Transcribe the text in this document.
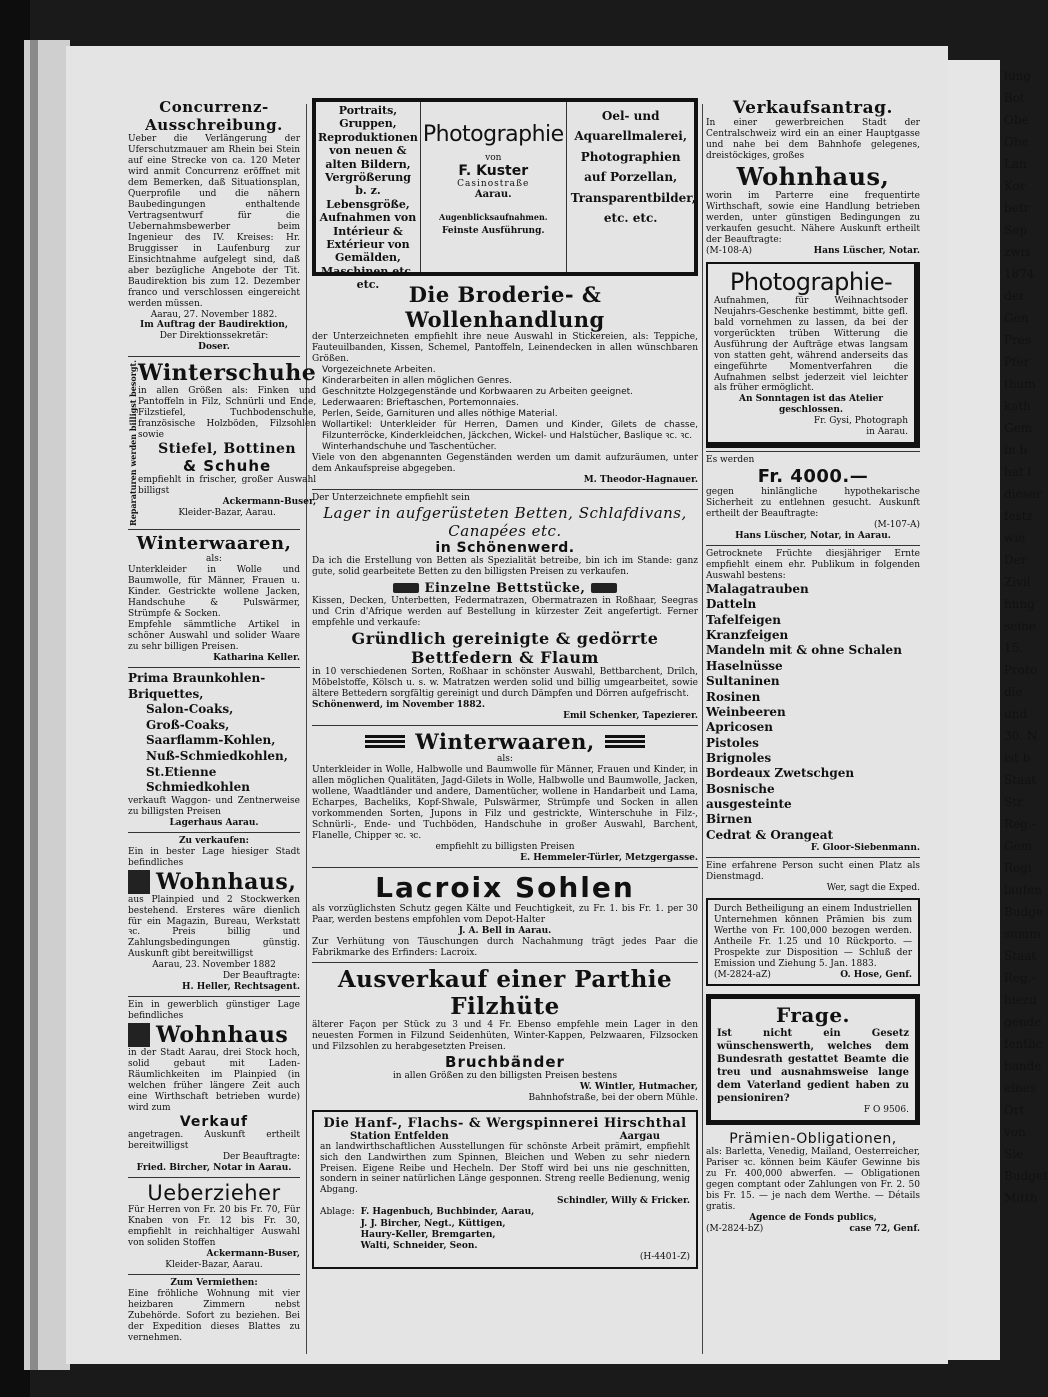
Concurrenz-Ausschreibung.
Ueber die Verlängerung der Uferschutzmauer am Rhein bei Stein auf eine Strecke von ca. 120 Meter wird anmit Concurrenz eröffnet mit dem Bemerken, daß Situationsplan, Querprofile und die nähern Baubedingungen enthaltende Vertragsentwurf für die Uebernahmsbewerber beim Ingenieur des IV. Kreises: Hr. Bruggisser in Laufenburg zur Einsichtnahme aufgelegt sind, daß aber bezügliche Angebote der Tit. Baudirektion bis zum 12. Dezember franco und verschlossen eingereicht werden müssen.
Aarau, 27. November 1882.
Im Auftrag der Baudirektion,
Der Direktionssekretär:
Doser.
Reparaturen werden billigst besorgt. Winterschuhe
in allen Größen als: Finken und Pantoffeln in Filz, Schnürli und Ende, Filzstiefel, Tuchbodenschuhe, französische Holzböden, Filzsohlen sowie
Stiefel, Bottinen
& Schuhe
empfiehlt in frischer, großer Auswahl billigst
Ackermann-Buser,
Kleider-Bazar, Aarau.
Winterwaaren,
als:
Unterkleider in Wolle und Baumwolle, für Männer, Frauen u. Kinder. Gestrickte wollene Jacken, Handschuhe & Pulswärmer, Strümpfe & Socken.
Empfehle sämmtliche Artikel in schöner Auswahl und solider Waare zu sehr billigen Preisen.
Katharina Keller.
Prima Braunkohlen-Briquettes,
Salon-Coaks,
Groß-Coaks,
Saarflamm-Kohlen,
Nuß-Schmiedkohlen,
St.Etienne Schmiedkohlen
verkauft Waggon- und Zentnerweise zu billigsten Preisen
Lagerhaus Aarau.
Zu verkaufen:
Ein in bester Lage hiesiger Stadt befindliches
Wohnhaus,
aus Plainpied und 2 Stockwerken bestehend. Ersteres wäre dienlich für ein Magazin, Bureau, Werkstatt ꝛc. Preis billig und Zahlungsbedingungen günstig. Auskunft gibt bereitwilligst
Aarau, 23. November 1882
Der Beauftragte:
H. Heller, Rechtsagent.
Ein in gewerblich günstiger Lage befindliches
Wohnhaus
in der Stadt Aarau, drei Stock hoch, solid gebaut mit Laden-Räumlichkeiten im Plainpied (in welchen früher längere Zeit auch eine Wirthschaft betrieben wurde) wird zum
Verkauf
angetragen. Auskunft ertheilt bereitwilligst
Der Beauftragte:
Fried. Bircher, Notar in Aarau.
Ueberzieher
Für Herren von Fr. 20 bis Fr. 70, Für Knaben von Fr. 12 bis Fr. 30, empfiehlt in reichhaltiger Auswahl von soliden Stoffen
Ackermann-Buser,
Kleider-Bazar, Aarau.
Zum Vermiethen:
Eine fröhliche Wohnung mit vier heizbaren Zimmern nebst Zubehörde. Sofort zu beziehen. Bei der Expedition dieses Blattes zu vernehmen.
Portraits, Gruppen, Reproduktionen von neuen & alten Bildern, Vergrößerung b. z. Lebensgröße, Aufnahmen von Intérieur & Extérieur von Gemälden, Maschinen etc. etc.
Photographie
von
F. Kuster
Casinostraße
Aarau.
Augenblicksaufnahmen.
Feinste Ausführung.
Oel- und Aquarellmalerei, Photographien auf Porzellan, Transparentbilder, etc. etc.
Die Broderie- & Wollenhandlung
der Unterzeichneten empfiehlt ihre neue Auswahl in Stickereien, als: Teppiche, Fauteuilbanden, Kissen, Schemel, Pantoffeln, Leinendecken in allen wünschbaren Größen.
Vorgezeichnete Arbeiten.
Kinderarbeiten in allen möglichen Genres.
Geschnitzte Holzgegenstände und Korbwaaren zu Arbeiten geeignet.
Lederwaaren: Brieftaschen, Portemonnaies.
Perlen, Seide, Garnituren und alles nöthige Material.
Wollartikel: Unterkleider für Herren, Damen und Kinder, Gilets de chasse, Filzunterröcke, Kinderkleidchen, Jäckchen, Wickel- und Halstücher, Baslique ꝛc. ꝛc.
Winterhandschuhe und Taschentücher.
Viele von den abgenannten Gegenständen werden um damit aufzuräumen, unter dem Ankaufspreise abgegeben.
M. Theodor-Hagnauer.
Der Unterzeichnete empfiehlt sein
Lager in aufgerüsteten Betten, Schlafdivans, Canapées etc.
in Schönenwerd.
Da ich die Erstellung von Betten als Spezialität betreibe, bin ich im Stande: ganz gute, solid gearbeitete Betten zu den billigsten Preisen zu verkaufen.
Einzelne Bettstücke,
Kissen, Decken, Unterbetten, Federmatrazen, Obermatrazen in Roßhaar, Seegras und Crin d'Afrique werden auf Bestellung in kürzester Zeit angefertigt. Ferner empfehle und verkaufe:
Gründlich gereinigte & gedörrte Bettfedern & Flaum
in 10 verschiedenen Sorten, Roßhaar in schönster Auswahl, Bettbarchent, Drilch, Möbelstoffe, Kölsch u. s. w. Matratzen werden solid und billig umgearbeitet, sowie ältere Bettedern sorgfältig gereinigt und durch Dämpfen und Dörren aufgefrischt.
Schönenwerd, im November 1882.
Emil Schenker, Tapezierer.
Winterwaaren,
als:
Unterkleider in Wolle, Halbwolle und Baumwolle für Männer, Frauen und Kinder, in allen möglichen Qualitäten, Jagd-Gilets in Wolle, Halbwolle und Baumwolle, Jacken, wollene, Waadtländer und andere, Damentücher, wollene in Handarbeit und Lama, Echarpes, Bacheliks, Kopf-Shwale, Pulswärmer, Strümpfe und Socken in allen vorkommenden Sorten, Jupons in Filz und gestrickte, Winterschuhe in Filz-, Schnürli-, Ende- und Tuchböden, Handschuhe in großer Auswahl, Barchent, Flanelle, Chipper ꝛc. ꝛc.
empfiehlt zu billigsten Preisen
E. Hemmeler-Türler, Metzgergasse.
Lacroix Sohlen
als vorzüglichsten Schutz gegen Kälte und Feuchtigkeit, zu Fr. 1. bis Fr. 1. per 30 Paar, werden bestens empfohlen vom Depot-Halter
J. A. Bell in Aarau.
Zur Verhütung von Täuschungen durch Nachahmung trägt jedes Paar die Fabrikmarke des Erfinders: Lacroix.
Ausverkauf einer Parthie Filzhüte
älterer Façon per Stück zu 3 und 4 Fr. Ebenso empfehle mein Lager in den neuesten Formen in Filzund Seidenhüten, Winter-Kappen, Pelzwaaren, Filzsocken und Filzsohlen zu herabgesetzten Preisen.
Bruchbänder
in allen Größen zu den billigsten Preisen bestens
W. Wintler, Hutmacher,
Bahnhofstraße, bei der obern Mühle.
Die Hanf-, Flachs- & Wergspinnerei Hirschthal
Station Entfelden	Aargau
an landwirthschaftlichen Ausstellungen für schönste Arbeit prämirt, empfiehlt sich den Landwirthen zum Spinnen, Bleichen und Weben zu sehr niedern Preisen. Eigene Reibe und Hecheln. Der Stoff wird bei uns nie geschnitten, sondern in seiner natürlichen Länge gesponnen. Streng reelle Bedienung, wenig Abgang.
Schindler, Willy & Fricker.
Ablage: F. Hagenbuch, Buchbinder, Aarau,
J. J. Bircher, Negt., Küttigen,
Haury-Keller, Bremgarten,
Walti, Schneider, Seon.
(H-4401-Z)
Verkaufsantrag.
In einer gewerbreichen Stadt der Centralschweiz wird ein an einer Hauptgasse und nahe bei dem Bahnhofe gelegenes, dreistöckiges, großes
Wohnhaus,
worin im Parterre eine frequentirte Wirthschaft, sowie eine Handlung betrieben werden, unter günstigen Bedingungen zu verkaufen gesucht. Nähere Auskunft ertheilt der Beauftragte:
(M-108-A)	Hans Lüscher, Notar.
Photographie-
Aufnahmen, für Weihnachtsoder Neujahrs-Geschenke bestimmt, bitte gefl. bald vornehmen zu lassen, da bei der vorgerückten trüben Witterung die Ausführung der Aufträge etwas langsam von statten geht, während anderseits das eingeführte Momentverfahren die Aufnahmen selbst jederzeit viel leichter als früher ermöglicht.
An Sonntagen ist das Atelier geschlossen.
Fr. Gysi, Photograph
in Aarau.
Es werden
Fr. 4000.—
gegen hinlängliche hypothekarische Sicherheit zu entlehnen gesucht. Auskunft ertheilt der Beauftragte:
(M-107-A)
Hans Lüscher, Notar, in Aarau.
Getrocknete Früchte diesjähriger Ernte empfiehlt einem ehr. Publikum in folgenden Auswahl bestens:
Malagatrauben
Datteln
Tafelfeigen
Kranzfeigen
Mandeln mit & ohne Schalen
Haselnüsse
Sultaninen
Rosinen
Weinbeeren
Apricosen
Pistoles
Brignoles
Bordeaux Zwetschgen
Bosnische
ausgesteinte
Birnen
Cedrat & Orangeat
F. Gloor-Siebenmann.
Eine erfahrene Person sucht einen Platz als Dienstmagd.
Wer, sagt die Exped.
Durch Betheiligung an einem Industriellen Unternehmen können Prämien bis zum Werthe von Fr. 100,000 bezogen werden. Antheile Fr. 1.25 und 10 Rückporto. — Prospekte zur Disposition — Schluß der Emission und Ziehung 5. Jan. 1883.
(M-2824-aZ)	O. Hose, Genf.
Frage.
Ist nicht ein Gesetz wünschenswerth, welches dem Bundesrath gestattet Beamte die treu und ausnahmsweise lange dem Vaterland gedient haben zu pensioniren?
F O 9506.
Prämien-Obligationen,
als: Barletta, Venedig, Mailand, Oesterreicher, Pariser ꝛc. können beim Käufer Gewinne bis zu Fr. 400,000 abwerfen. — Obligationen gegen comptant oder Zahlungen von Fr. 2. 50 bis Fr. 15. — je nach dem Werthe. — Détails gratis.
Agence de Fonds publics,
(M-2824-bZ)	case 72, Genf.
lung
Bot
Obe
Obe
Lan
Kor
betr
Sep
zwis
1874
der
Gen
Pres
Pfer
thum
kath
Gem
in b
hat l
dieser
festz
wie
Der
Zivil
hung
seine
15.
Proto
die
und
30. N
ist b
Staat
Str
Reg.-
Gem
Regi
laufen
Budge
summ
Staat
Reg.-
hiezu
gende
fentlic
hande
eines
Ort
von
Sie
Budget
Mitth
